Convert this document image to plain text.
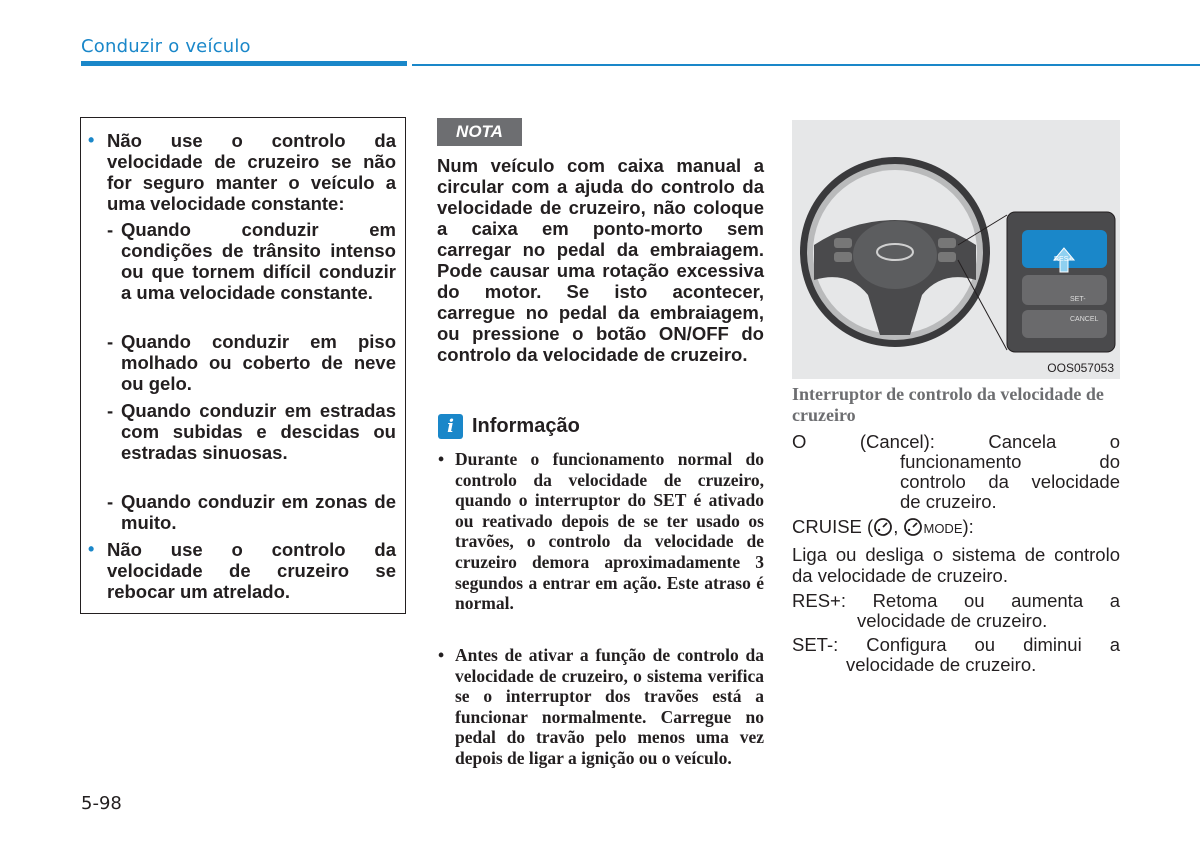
Conduzir o veículo
• Não use o controlo da velocidade de cruzeiro se não for seguro manter o veículo a uma velocidade constante:
- Quando conduzir em condições de trânsito intenso ou que tornem difícil conduzir a uma velocidade constante.
- Quando conduzir em piso molhado ou coberto de neve ou gelo.
- Quando conduzir em estradas com subidas e descidas ou estradas sinuosas.
- Quando conduzir em zonas de muito.
• Não use o controlo da velocidade de cruzeiro se rebocar um atrelado.
NOTA
Num veículo com caixa manual a circular com a ajuda do controlo da velocidade de cruzeiro, não coloque a caixa em ponto-morto sem carregar no pedal da embraiagem. Pode causar uma rotação excessiva do motor. Se isto acontecer, carregue no pedal da embraiagem, ou pressione o botão ON/OFF do controlo da velocidade de cruzeiro.
i Informação
• Durante o funcionamento normal do controlo da velocidade de cruzeiro, quando o interruptor do SET é ativado ou reativado depois de se ter usado os travões, o controlo da velocidade de cruzeiro demora aproximadamente 3 segundos a entrar em ação. Este atraso é normal.
• Antes de ativar a função de controlo da velocidade de cruzeiro, o sistema verifica se o interruptor dos travões está a funcionar normalmente. Carregue no pedal do travão pelo menos uma vez depois de ligar a ignição ou o veículo.
RES+
SET-
CANCEL
OOS057053
Interruptor de controlo da velocidade de cruzeiro
O (Cancel):	Cancela o
funcionamento do
controlo da velocidade
de cruzeiro.
CRUISE ( , MODE):
Liga ou desliga o sistema de controlo da velocidade de cruzeiro.
RES+: Retoma ou aumenta a
velocidade de cruzeiro.
SET-: Configura ou diminui a
velocidade de cruzeiro.
5-98
